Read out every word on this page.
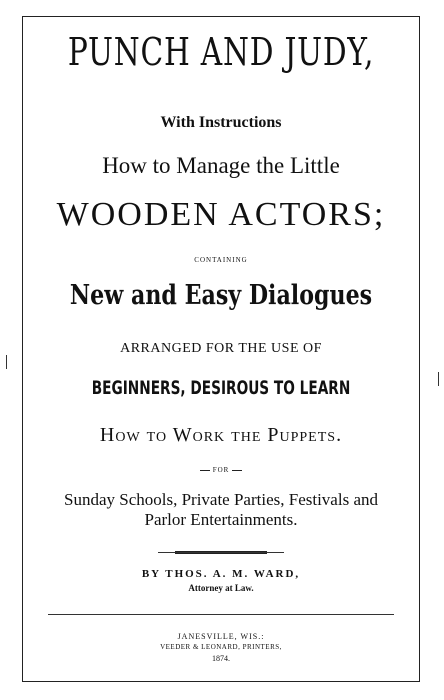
PUNCH AND JUDY,
With Instructions
How to Manage the Little
WOODEN ACTORS;
CONTAINING
New and Easy Dialogues
ARRANGED FOR THE USE OF
BEGINNERS, DESIROUS TO LEARN
How to Work the Puppets.
FOR
Sunday Schools, Private Parties, Festivals and
Parlor Entertainments.
BY THOS. A. M. WARD,
Attorney at Law.
JANESVILLE, WIS.:
VEEDER & LEONARD, PRINTERS,
1874.
